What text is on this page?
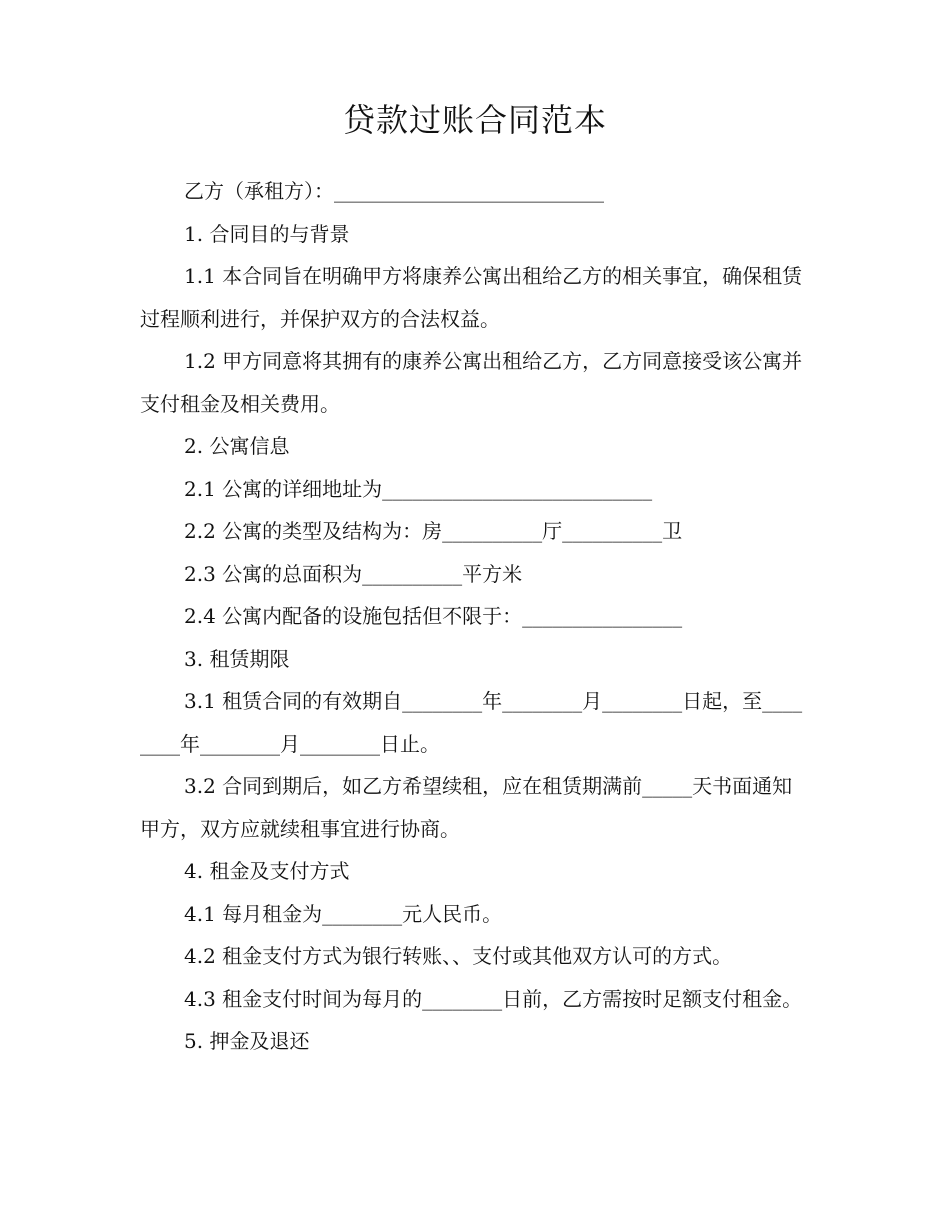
贷款过账合同范本

乙方（承租方）：___________________________

1. 合同目的与背景

1.1 本合同旨在明确甲方将康养公寓出租给乙方的相关事宜，确保租赁过程顺利进行，并保护双方的合法权益。

1.2 甲方同意将其拥有的康养公寓出租给乙方，乙方同意接受该公寓并支付租金及相关费用。

2. 公寓信息

2.1 公寓的详细地址为___________________________

2.2 公寓的类型及结构为：房__________厅__________卫

2.3 公寓的总面积为__________平方米

2.4 公寓内配备的设施包括但不限于：________________

3. 租赁期限

3.1 租赁合同的有效期自________年________月________日起，至________年________月________日止。

3.2 合同到期后，如乙方希望续租，应在租赁期满前_____天书面通知甲方，双方应就续租事宜进行协商。

4. 租金及支付方式

4.1 每月租金为________元人民币。

4.2 租金支付方式为银行转账、、支付或其他双方认可的方式。

4.3 租金支付时间为每月的________日前，乙方需按时足额支付租金。

5. 押金及退还
